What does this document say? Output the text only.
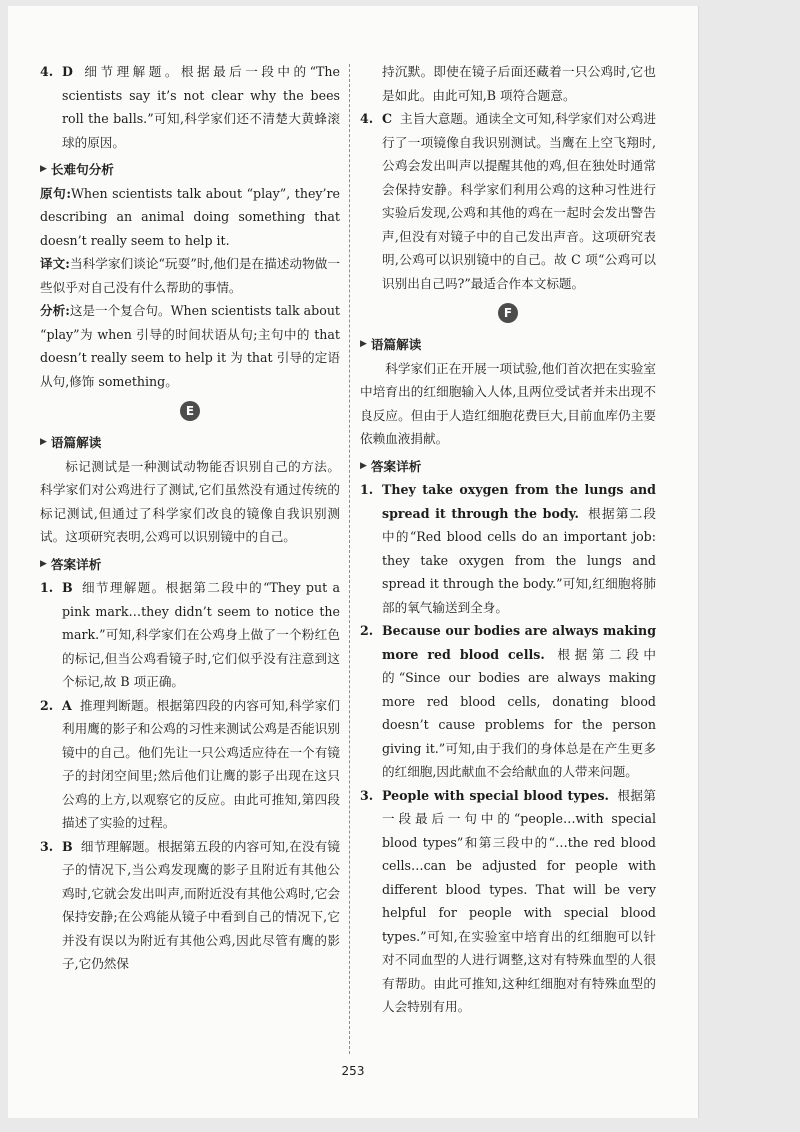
4. D 细节理解题。根据最后一段中的“The scientists say it’s not clear why the bees roll the balls.”可知,科学家们还不清楚大黄蜂滚球的原因。
▶ 长难句分析
原句:When scientists talk about “play”, they’re describing an animal doing something that doesn’t really seem to help it.
译文:当科学家们谈论“玩耍”时,他们是在描述动物做一些似乎对自己没有什么帮助的事情。
分析:这是一个复合句。When scientists talk about “play”为 when 引导的时间状语从句;主句中的 that doesn’t really seem to help it 为 that 引导的定语从句,修饰 something。
E
▶ 语篇解读
标记测试是一种测试动物能否识别自己的方法。科学家们对公鸡进行了测试,它们虽然没有通过传统的标记测试,但通过了科学家们改良的镜像自我识别测试。这项研究表明,公鸡可以识别镜中的自己。
▶ 答案详析
1. B 细节理解题。根据第二段中的“They put a pink mark…they didn’t seem to notice the mark.”可知,科学家们在公鸡身上做了一个粉红色的标记,但当公鸡看镜子时,它们似乎没有注意到这个标记,故 B 项正确。
2. A 推理判断题。根据第四段的内容可知,科学家们利用鹰的影子和公鸡的习性来测试公鸡是否能识别镜中的自己。他们先让一只公鸡适应待在一个有镜子的封闭空间里;然后他们让鹰的影子出现在这只公鸡的上方,以观察它的反应。由此可推知,第四段描述了实验的过程。
3. B 细节理解题。根据第五段的内容可知,在没有镜子的情况下,当公鸡发现鹰的影子且附近有其他公鸡时,它就会发出叫声,而附近没有其他公鸡时,它会保持安静;在公鸡能从镜子中看到自己的情况下,它并没有误以为附近有其他公鸡,因此尽管有鹰的影子,它仍然保
持沉默。即使在镜子后面还藏着一只公鸡时,它也是如此。由此可知,B 项符合题意。
4. C 主旨大意题。通读全文可知,科学家们对公鸡进行了一项镜像自我识别测试。当鹰在上空飞翔时,公鸡会发出叫声以提醒其他的鸡,但在独处时通常会保持安静。科学家们利用公鸡的这种习性进行实验后发现,公鸡和其他的鸡在一起时会发出警告声,但没有对镜子中的自己发出声音。这项研究表明,公鸡可以识别镜中的自己。故 C 项“公鸡可以识别出自己吗?”最适合作本文标题。
F
▶ 语篇解读
科学家们正在开展一项试验,他们首次把在实验室中培育出的红细胞输入人体,且两位受试者并未出现不良反应。但由于人造红细胞花费巨大,目前血库仍主要依赖血液捐献。
▶ 答案详析
1. They take oxygen from the lungs and spread it through the body. 根据第二段中的“Red blood cells do an important job: they take oxygen from the lungs and spread it through the body.”可知,红细胞将肺部的氧气输送到全身。
2. Because our bodies are always making more red blood cells. 根据第二段中的“Since our bodies are always making more red blood cells, donating blood doesn’t cause problems for the person giving it.”可知,由于我们的身体总是在产生更多的红细胞,因此献血不会给献血的人带来问题。
3. People with special blood types. 根据第一段最后一句中的“people…with special blood types”和第三段中的“…the red blood cells…can be adjusted for people with different blood types. That will be very helpful for people with special blood types.”可知,在实验室中培育出的红细胞可以针对不同血型的人进行调整,这对有特殊血型的人很有帮助。由此可推知,这种红细胞对有特殊血型的人会特别有用。
253
